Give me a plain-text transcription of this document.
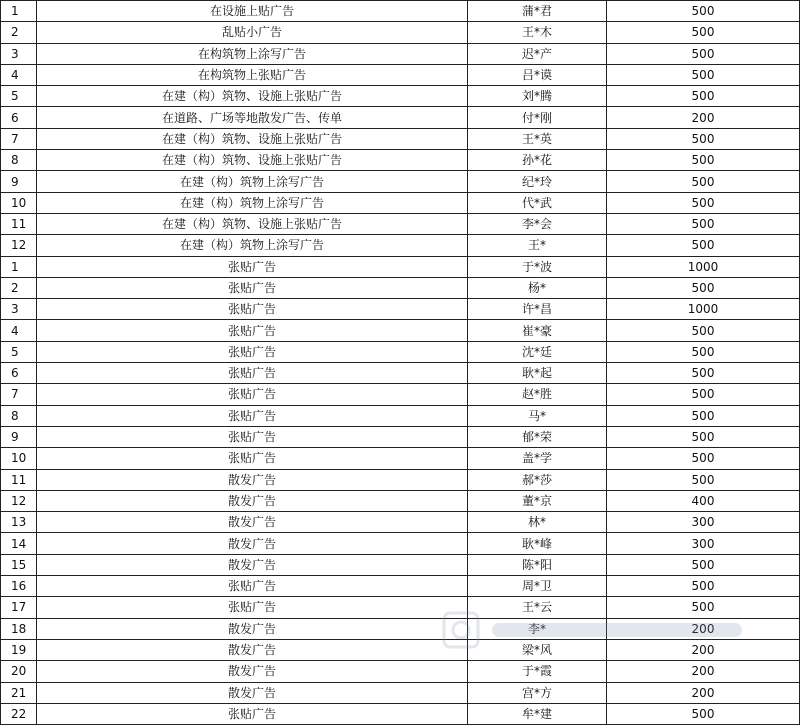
1	在设施上贴广告	蒲*君	500
2	乱贴小广告	王*木	500
3	在构筑物上涂写广告	迟*产	500
4	在构筑物上张贴广告	吕*谟	500
5	在建（构）筑物、设施上张贴广告	刘*腾	500
6	在道路、广场等地散发广告、传单	付*刚	200
7	在建（构）筑物、设施上张贴广告	王*英	500
8	在建（构）筑物、设施上张贴广告	孙*花	500
9	在建（构）筑物上涂写广告	纪*玲	500
10	在建（构）筑物上涂写广告	代*武	500
11	在建（构）筑物、设施上张贴广告	李*会	500
12	在建（构）筑物上涂写广告	王*	500
1	张贴广告	于*波	1000
2	张贴广告	杨*	500
3	张贴广告	许*昌	1000
4	张贴广告	崔*豪	500
5	张贴广告	沈*廷	500
6	张贴广告	耿*起	500
7	张贴广告	赵*胜	500
8	张贴广告	马*	500
9	张贴广告	郁*荣	500
10	张贴广告	盖*学	500
11	散发广告	郝*莎	500
12	散发广告	董*京	400
13	散发广告	林*	300
14	散发广告	耿*峰	300
15	散发广告	陈*阳	500
16	张贴广告	周*卫	500
17	张贴广告	王*云	500
18	散发广告	李*	200
19	散发广告	梁*风	200
20	散发广告	于*霞	200
21	散发广告	宫*方	200
22	张贴广告	牟*建	500
